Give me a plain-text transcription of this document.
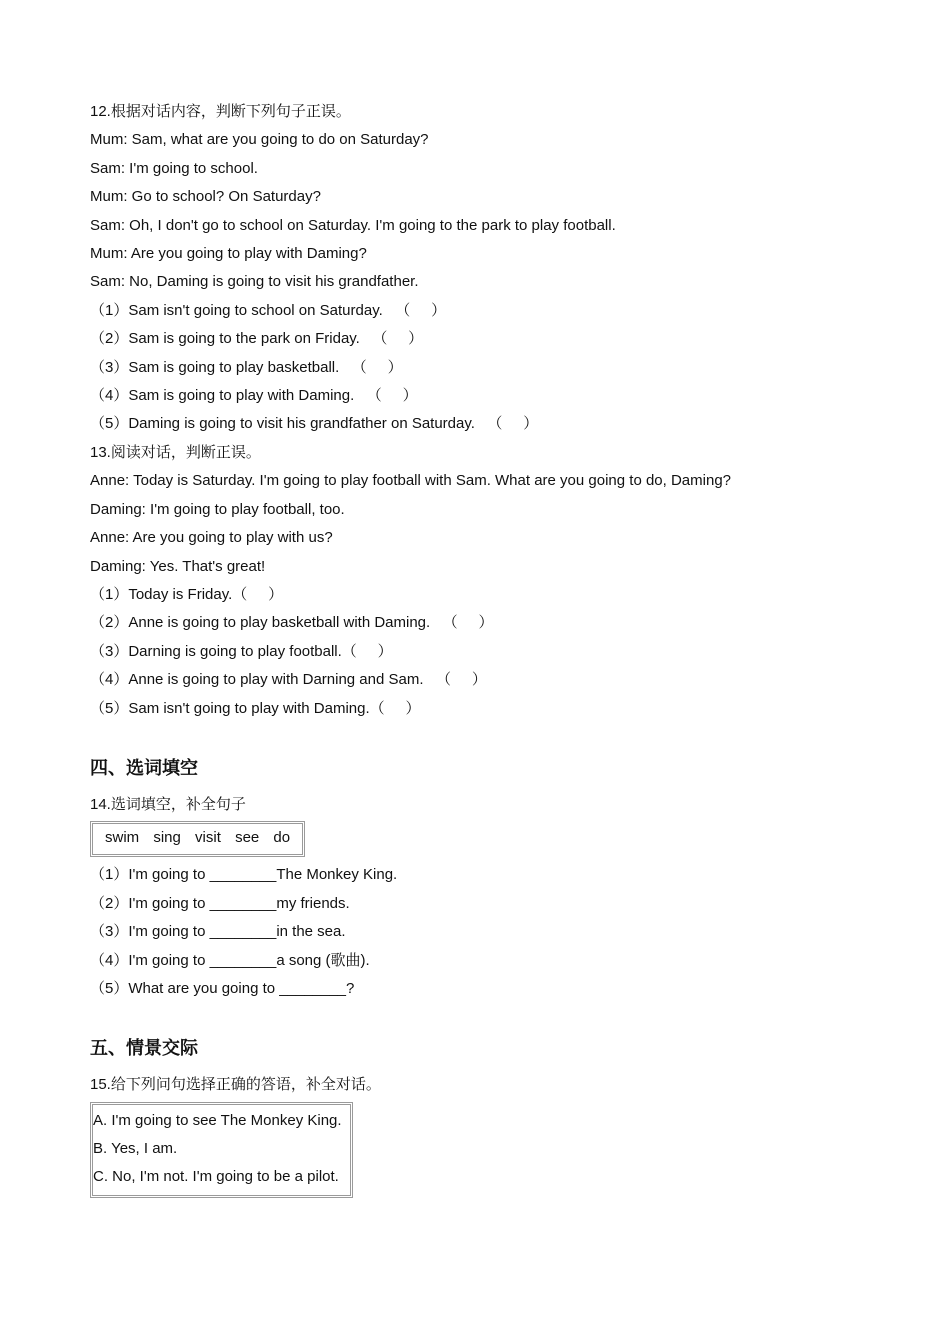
12.根据对话内容，判断下列句子正误。
Mum: Sam, what are you going to do on Saturday?
Sam: I'm going to school.
Mum: Go to school? On Saturday?
Sam: Oh, I don't go to school on Saturday. I'm going to the park to play football.
Mum: Are you going to play with Daming?
Sam: No, Daming is going to visit his grandfather.
（1）Sam isn't going to school on Saturday.   （     ）
（2）Sam is going to the park on Friday.   （     ）
（3）Sam is going to play basketball.   （     ）
（4）Sam is going to play with Daming.   （     ）
（5）Daming is going to visit his grandfather on Saturday.   （     ）
13.阅读对话，判断正误。
Anne: Today is Saturday. I'm going to play football with Sam. What are you going to do, Daming?
Daming: I'm going to play football, too.
Anne: Are you going to play with us?
Daming: Yes. That's great!
（1）Today is Friday.（     ）
（2）Anne is going to play basketball with Daming.   （     ）
（3）Darning is going to play football.（     ）
（4）Anne is going to play with Darning and Sam.   （     ）
（5）Sam isn't going to play with Daming.（     ）
四、选词填空
14.选词填空，补全句子
swim sing visit see do
（1）I'm going to ________The Monkey King.
（2）I'm going to ________my friends.
（3）I'm going to ________in the sea.
（4）I'm going to ________a song (歌曲).
（5）What are you going to ________?
五、情景交际
15.给下列问句选择正确的答语，补全对话。
A. I'm going to see The Monkey King.
B. Yes, I am.
C. No, I'm not. I'm going to be a pilot.
